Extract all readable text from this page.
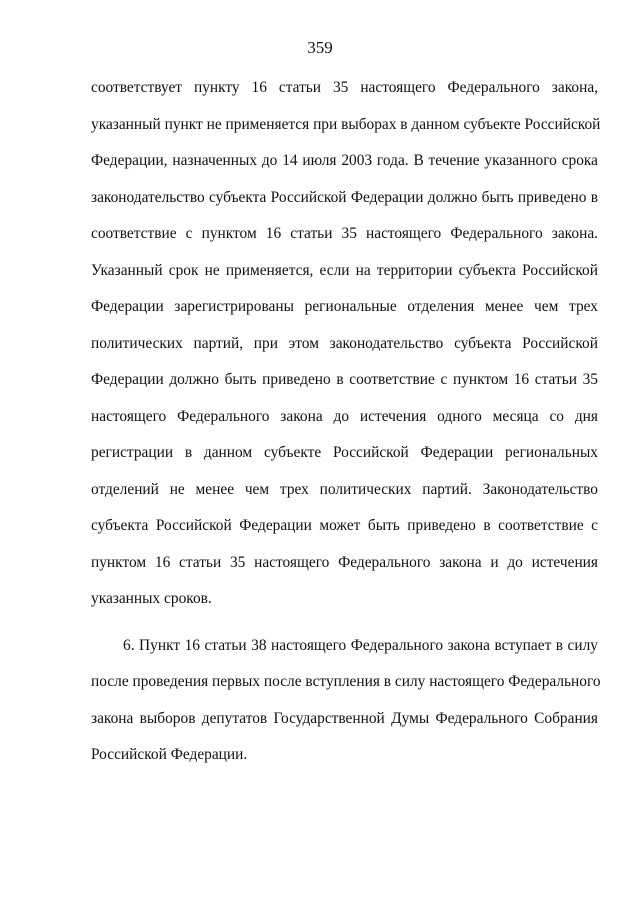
359
соответствует пункту 16 статьи 35 настоящего Федерального закона,
указанный пункт не применяется при выборах в данном субъекте Российской
Федерации, назначенных до 14 июля 2003 года. В течение указанного срока
законодательство субъекта Российской Федерации должно быть приведено в
соответствие с пунктом 16 статьи 35 настоящего Федерального закона.
Указанный срок не применяется, если на территории субъекта Российской
Федерации зарегистрированы региональные отделения менее чем трех
политических партий, при этом законодательство субъекта Российской
Федерации должно быть приведено в соответствие с пунктом 16 статьи 35
настоящего Федерального закона до истечения одного месяца со дня
регистрации в данном субъекте Российской Федерации региональных
отделений не менее чем трех политических партий. Законодательство
субъекта Российской Федерации может быть приведено в соответствие с
пунктом 16 статьи 35 настоящего Федерального закона и до истечения
указанных сроков.
6. Пункт 16 статьи 38 настоящего Федерального закона вступает в силу
после проведения первых после вступления в силу настоящего Федерального
закона выборов депутатов Государственной Думы Федерального Собрания
Российской Федерации.
